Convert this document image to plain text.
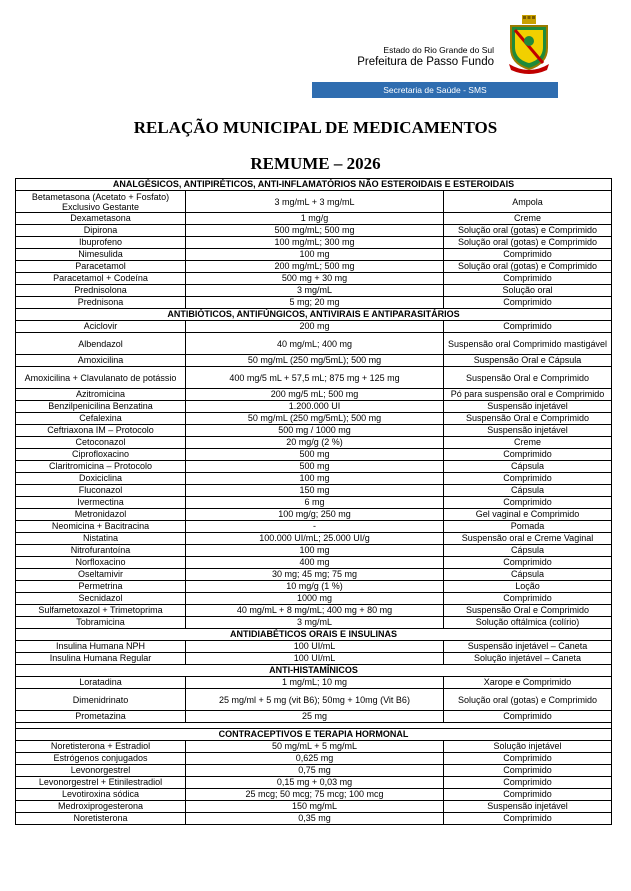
Estado do Rio Grande do Sul
Prefeitura de Passo Fundo
Secretaria de Saúde - SMS
RELAÇÃO MUNICIPAL DE MEDICAMENTOS
REMUME – 2026
ANALGÉSICOS, ANTIPIRÉTICOS, ANTI-INFLAMATÓRIOS NÃO ESTEROIDAIS E ESTEROIDAIS		
Betametasona (Acetato + Fosfato) Exclusivo Gestante	3 mg/mL + 3 mg/mL	Ampola
Dexametasona	1 mg/g	Creme
Dipirona	500 mg/mL; 500 mg	Solução oral (gotas) e Comprimido
Ibuprofeno	100 mg/mL; 300 mg	Solução oral (gotas) e Comprimido
Nimesulida	100 mg	Comprimido
Paracetamol	200 mg/mL; 500 mg	Solução oral (gotas) e Comprimido
Paracetamol + Codeína	500 mg + 30 mg	Comprimido
Prednisolona	3 mg/mL	Solução oral
Prednisona	5 mg; 20 mg	Comprimido
ANTIBIÓTICOS, ANTIFÚNGICOS, ANTIVIRAIS E ANTIPARASITÁRIOS		
Aciclovir	200 mg	Comprimido
Albendazol	40 mg/mL; 400 mg	Suspensão oral Comprimido mastigável
Amoxicilina	50 mg/mL (250 mg/5mL); 500 mg	Suspensão Oral e Cápsula
Amoxicilina + Clavulanato de potássio	400 mg/5 mL + 57,5 mL; 875 mg + 125 mg	Suspensão Oral e Comprimido
Azitromicina	200 mg/5 mL; 500 mg	Pó para suspensão oral e Comprimido
Benzilpenicilina Benzatina	1.200.000 UI	Suspensão injetável
Cefalexina	50 mg/mL (250 mg/5mL); 500 mg	Suspensão Oral e Comprimido
Ceftriaxona IM – Protocolo	500 mg / 1000 mg	Suspensão injetável
Cetoconazol	20 mg/g (2 %)	Creme
Ciprofloxacino	500 mg	Comprimido
Claritromicina – Protocolo	500 mg	Cápsula
Doxiciclina	100 mg	Comprimido
Fluconazol	150 mg	Cápsula
Ivermectina	6 mg	Comprimido
Metronidazol	100 mg/g; 250 mg	Gel vaginal e Comprimido
Neomicina + Bacitracina	-	Pomada
Nistatina	100.000 UI/mL; 25.000 UI/g	Suspensão oral e Creme Vaginal
Nitrofurantoína	100 mg	Cápsula
Norfloxacino	400 mg	Comprimido
Oseltamivir	30 mg; 45 mg; 75 mg	Cápsula
Permetrina	10 mg/g (1 %)	Loção
Secnidazol	1000 mg	Comprimido
Sulfametoxazol + Trimetoprima	40 mg/mL + 8 mg/mL; 400 mg + 80 mg	Suspensão Oral e Comprimido
Tobramicina	3 mg/mL	Solução oftálmica (colírio)
ANTIDIABÉTICOS ORAIS E INSULINAS		
Insulina Humana NPH	100 UI/mL	Suspensão injetável – Caneta
Insulina Humana Regular	100 UI/mL	Solução injetável – Caneta
ANTI-HISTAMÍNICOS		
Loratadina	1 mg/mL; 10 mg	Xarope e Comprimido
Dimenidrinato	25 mg/ml + 5 mg (vit B6); 50mg + 10mg (Vit B6)	Solução oral (gotas) e Comprimido
Prometazina	25 mg	Comprimido

CONTRACEPTIVOS E TERAPIA HORMONAL		
Noretisterona + Estradiol	50 mg/mL + 5 mg/mL	Solução injetável
Estrógenos conjugados	0,625 mg	Comprimido
Levonorgestrel	0,75 mg	Comprimido
Levonorgestrel + Etinilestradiol	0,15 mg + 0,03 mg	Comprimido
Levotiroxina sódica	25 mcg; 50 mcg; 75 mcg; 100 mcg	Comprimido
Medroxiprogesterona	150 mg/mL	Suspensão injetável
Noretisterona	0,35 mg	Comprimido
